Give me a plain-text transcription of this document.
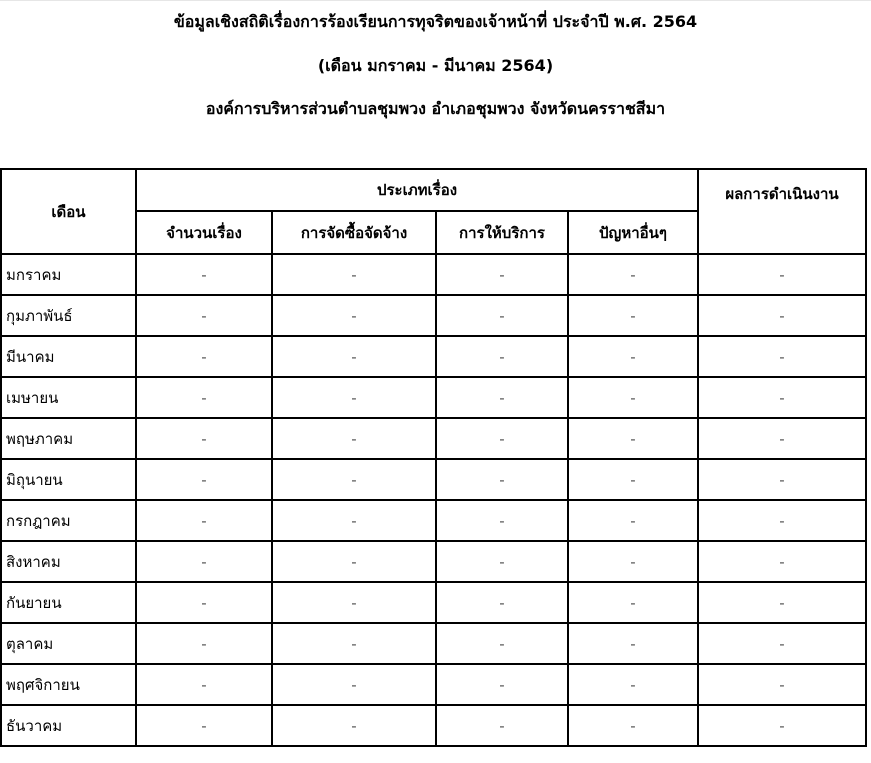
ข้อมูลเชิงสถิติเรื่องการร้องเรียนการทุจริตของเจ้าหน้าที่ ประจำปี พ.ศ. 2564
(เดือน มกราคม - มีนาคม 2564)
องค์การบริหารส่วนตำบลชุมพวง อำเภอชุมพวง จังหวัดนครราชสีมา
เดือน	ประเภทเรื่อง				ผลการดำเนินงาน
	จำนวนเรื่อง	การจัดซื้อจัดจ้าง	การให้บริการ	ปัญหาอื่นๆ	
มกราคม	-	-	-	-	-
กุมภาพันธ์	-	-	-	-	-
มีนาคม	-	-	-	-	-
เมษายน	-	-	-	-	-
พฤษภาคม	-	-	-	-	-
มิถุนายน	-	-	-	-	-
กรกฎาคม	-	-	-	-	-
สิงหาคม	-	-	-	-	-
กันยายน	-	-	-	-	-
ตุลาคม	-	-	-	-	-
พฤศจิกายน	-	-	-	-	-
ธันวาคม	-	-	-	-	-
